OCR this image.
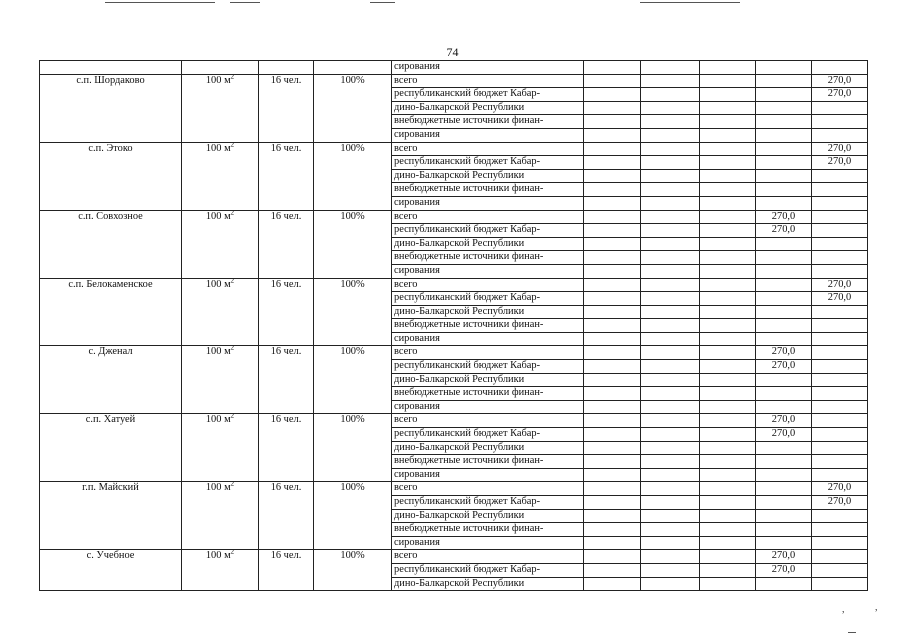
74
,	,
				сирования					
с.п. Шордаково	100 $м^2$	16 чел.	100%	всего					270,0
				республиканский бюджет Кабар-					270,0
				дино-Балкарской Республики					
				внебюджетные источники финан-					
				сирования					
с.п. Этоко	100 $м^2$	16 чел.	100%	всего					270,0
				республиканский бюджет Кабар-					270,0
				дино-Балкарской Республики					
				внебюджетные источники финан-					
				сирования					
с.п. Совхозное	100 $м^2$	16 чел.	100%	всего				270,0	
				республиканский бюджет Кабар-				270,0	
				дино-Балкарской Республики					
				внебюджетные источники финан-					
				сирования					
с.п. Белокаменское	100 $м^2$	16 чел.	100%	всего					270,0
				республиканский бюджет Кабар-					270,0
				дино-Балкарской Республики					
				внебюджетные источники финан-					
				сирования					
с. Дженал	100 $м^2$	16 чел.	100%	всего				270,0	
				республиканский бюджет Кабар-				270,0	
				дино-Балкарской Республики					
				внебюджетные источники финан-					
				сирования					
с.п. Хатуей	100 $м^2$	16 чел.	100%	всего				270,0	
				республиканский бюджет Кабар-				270,0	
				дино-Балкарской Республики					
				внебюджетные источники финан-					
				сирования					
г.п. Майский	100 $м^2$	16 чел.	100%	всего					270,0
				республиканский бюджет Кабар-					270,0
				дино-Балкарской Республики					
				внебюджетные источники финан-					
				сирования					
с. Учебное	100 $м^2$	16 чел.	100%	всего				270,0	
				республиканский бюджет Кабар-				270,0	
				дино-Балкарской Республики					
